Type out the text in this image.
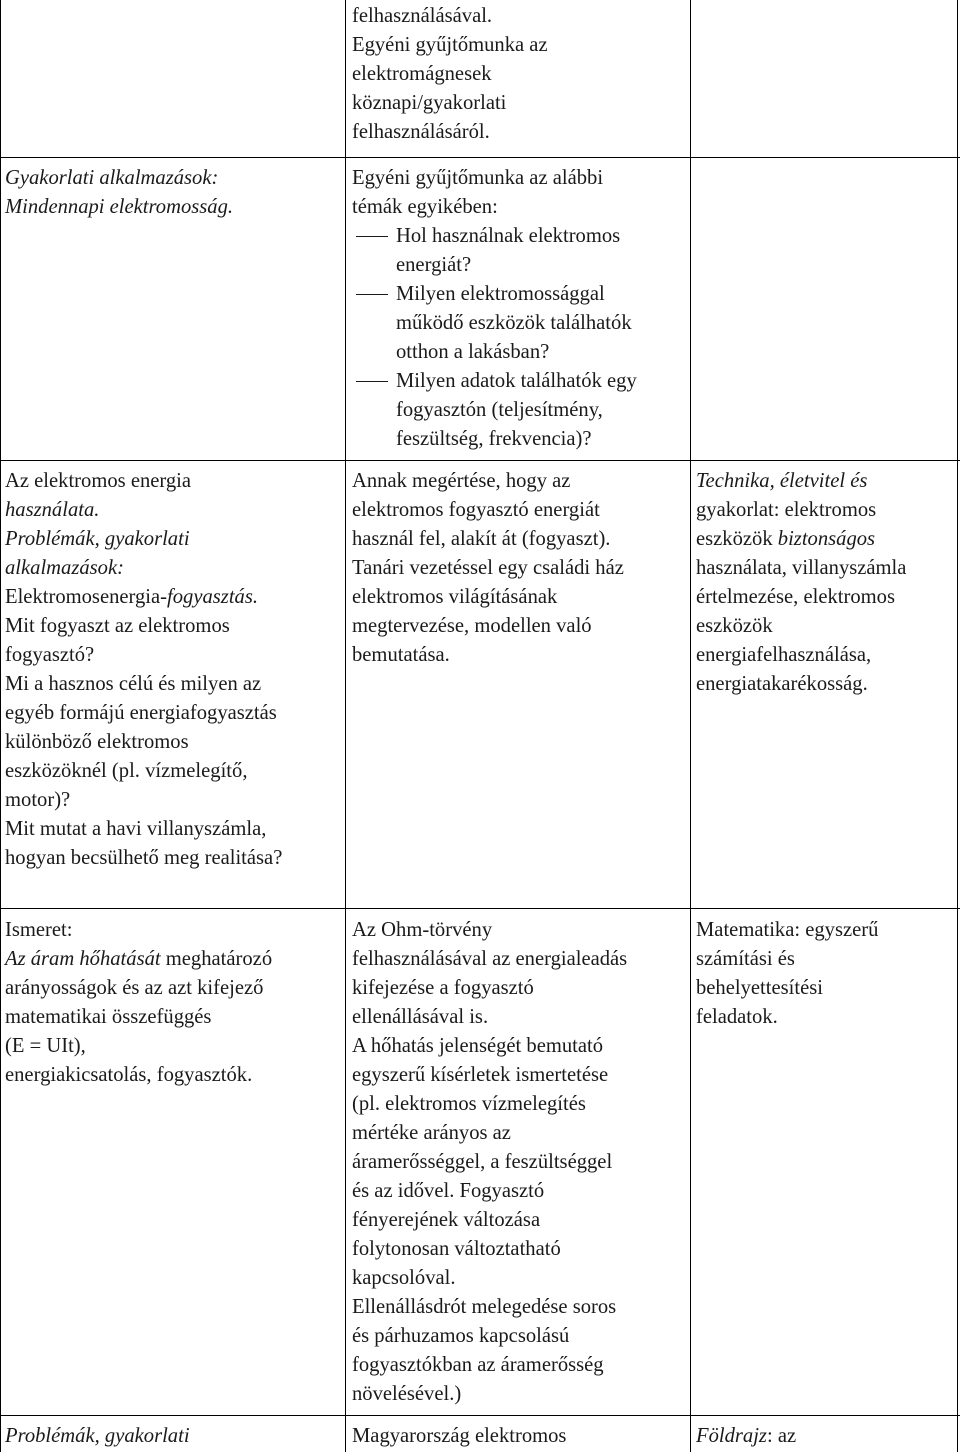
felhasználásával.

Egyéni gyűjtőmunka az

elektromágnesek

köznapi/gyakorlati

felhasználásáról.

Gyakorlati alkalmazások:

Mindennapi elektromosság.

Egyéni gyűjtőmunka az alábbi

témák egyikében:

Hol használnak elektromos

energiát?

Milyen elektromossággal

működő eszközök találhatók

otthon a lakásban?

Milyen adatok találhatók egy

fogyasztón (teljesítmény,

feszültség, frekvencia)?

Az elektromos energia

használata.

Problémák, gyakorlati

alkalmazások:

Elektromosenergia-fogyasztás.

Mit fogyaszt az elektromos

fogyasztó?

Mi a hasznos célú és milyen az

egyéb formájú energiafogyasztás

különböző elektromos

eszközöknél (pl. vízmelegítő,

motor)?

Mit mutat a havi villanyszámla,

hogyan becsülhető meg realitása?

Annak megértése, hogy az

elektromos fogyasztó energiát

használ fel, alakít át (fogyaszt).

Tanári vezetéssel egy családi ház

elektromos világításának

megtervezése, modellen való

bemutatása.

Technika, életvitel és

gyakorlat: elektromos

eszközök biztonságos

használata, villanyszámla

értelmezése, elektromos

eszközök

energiafelhasználása,

energiatakarékosság.

Ismeret:

Az áram hőhatását meghatározó

arányosságok és az azt kifejező

matematikai összefüggés

(E = UIt),

energiakicsatolás, fogyasztók.

Az Ohm-törvény

felhasználásával az energialeadás

kifejezése a fogyasztó

ellenállásával is.

A hőhatás jelenségét bemutató

egyszerű kísérletek ismertetése

(pl. elektromos vízmelegítés

mértéke arányos az

áramerősséggel, a feszültséggel

és az idővel. Fogyasztó

fényerejének változása

folytonosan változtatható

kapcsolóval.

Ellenállásdrót melegedése soros

és párhuzamos kapcsolású

fogyasztókban az áramerősség

növelésével.)

Matematika: egyszerű

számítási és

behelyettesítési

feladatok.

Problémák, gyakorlati	Magyarország elektromos	Földrajz: az
